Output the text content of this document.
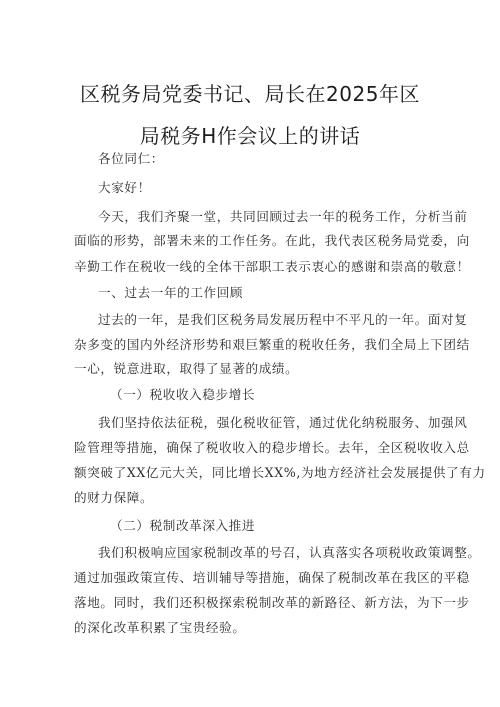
区税务局党委书记、局长在2025年区
局税务H作会议上的讲话
各位同仁：
大家好！
今天，我们齐聚一堂，共同回顾过去一年的税务工作，分析当前
面临的形势，部署未来的工作任务。在此，我代表区税务局党委，向
辛勤工作在税收一线的全体干部职工表示衷心的感谢和崇高的敬意！
一、过去一年的工作回顾
过去的一年，是我们区税务局发展历程中不平凡的一年。面对复
杂多变的国内外经济形势和艰巨繁重的税收任务，我们全局上下团结
一心，锐意进取，取得了显著的成绩。
（一）税收收入稳步增长
我们坚持依法征税，强化税收征管，通过优化纳税服务、加强风
险管理等措施，确保了税收收入的稳步增长。去年，全区税收收入总
额突破了XX亿元大关，同比增长XX%,为地方经济社会发展提供了有力
的财力保障。
（二）税制改革深入推进
我们积极响应国家税制改革的号召，认真落实各项税收政策调整。
通过加强政策宣传、培训辅导等措施，确保了税制改革在我区的平稳
落地。同时，我们还积极探索税制改革的新路径、新方法，为下一步
的深化改革积累了宝贵经验。
